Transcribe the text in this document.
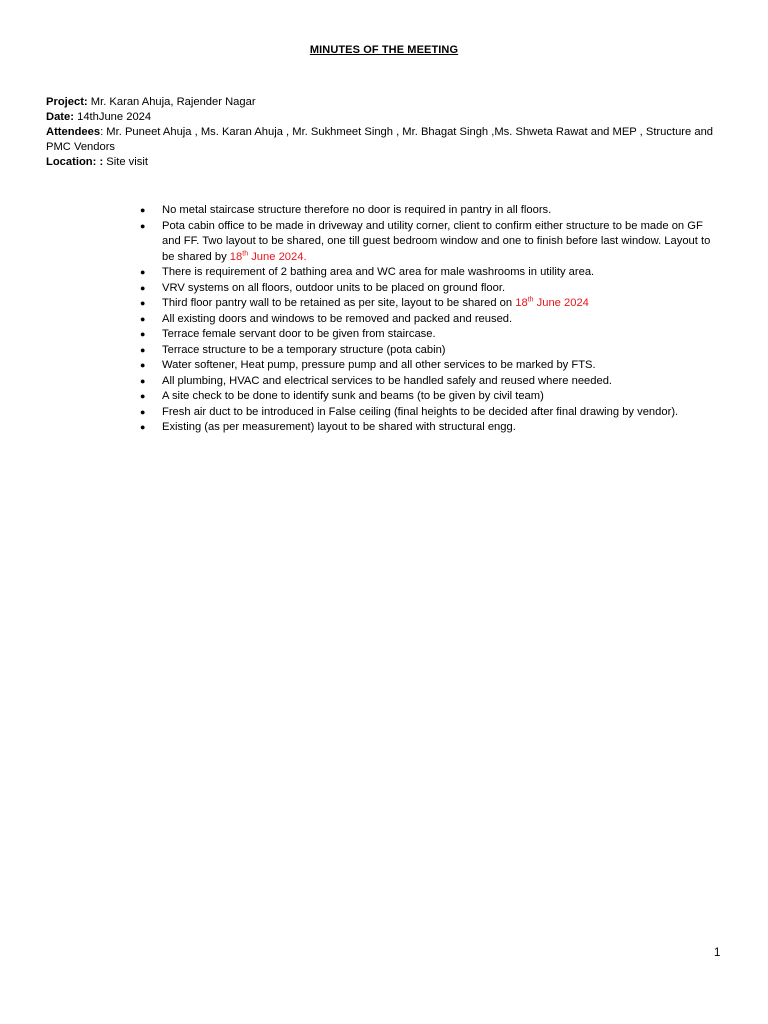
MINUTES OF THE MEETING

Project: Mr. Karan Ahuja, Rajender Nagar

Date: 14thJune 2024

Attendees: Mr. Puneet Ahuja , Ms. Karan Ahuja , Mr. Sukhmeet Singh , Mr. Bhagat Singh ,Ms. Shweta Rawat and MEP , Structure and PMC Vendors

Location: : Site visit

● No metal staircase structure therefore no door is required in pantry in all floors.
● Pota cabin office to be made in driveway and utility corner, client to confirm either structure to be made on GF and FF. Two layout to be shared, one till guest bedroom window and one to finish before last window. Layout to be shared by 18th June 2024.
● There is requirement of 2 bathing area and WC area for male washrooms in utility area.
● VRV systems on all floors, outdoor units to be placed on ground floor.
● Third floor pantry wall to be retained as per site, layout to be shared on 18th June 2024
● All existing doors and windows to be removed and packed and reused.
● Terrace female servant door to be given from staircase.
● Terrace structure to be a temporary structure (pota cabin)
● Water softener, Heat pump, pressure pump and all other services to be marked by FTS.
● All plumbing, HVAC and electrical services to be handled safely and reused where needed.
● A site check to be done to identify sunk and beams (to be given by civil team)
● Fresh air duct to be introduced in False ceiling (final heights to be decided after final drawing by vendor).
● Existing (as per measurement) layout to be shared with structural engg.
1
